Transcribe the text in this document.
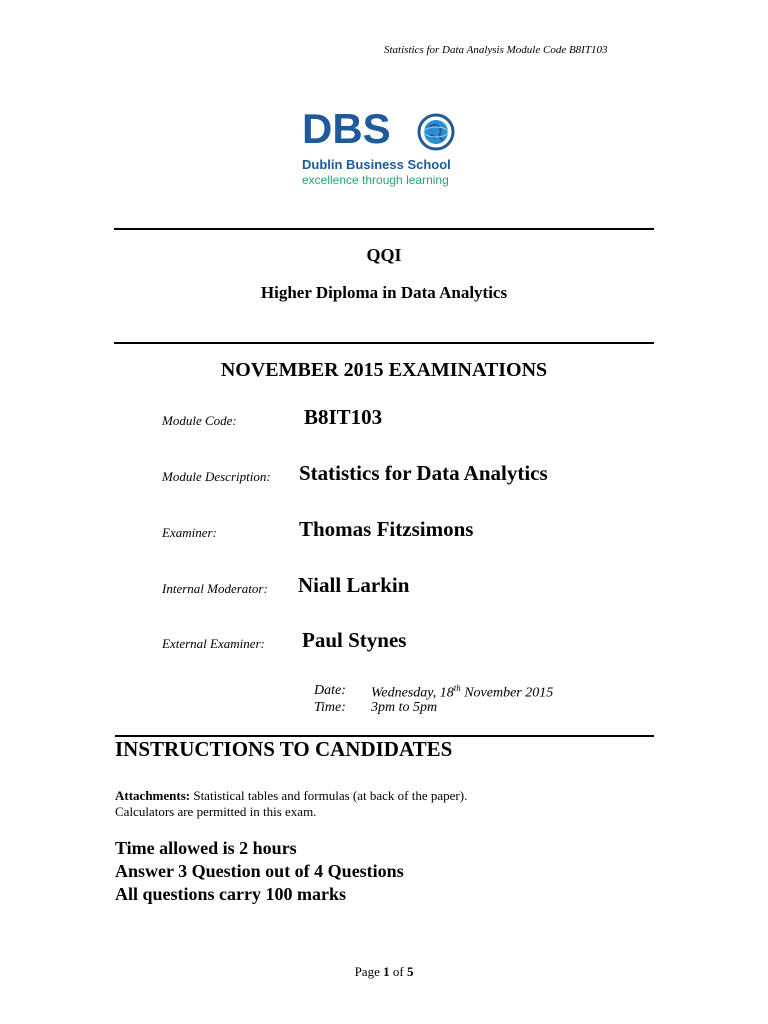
Statistics for Data Analysis Module Code B8IT103
DBS
Dublin Business School
excellence through learning
QQI
Higher Diploma in Data Analytics
NOVEMBER 2015 EXAMINATIONS
Module Code:	B8IT103
Module Description: Statistics for Data Analytics
Examiner:	Thomas Fitzsimons
Internal Moderator: Niall Larkin
External Examiner: Paul Stynes
Date: Wednesday, 18th November 2015
Time: 3pm to 5pm
INSTRUCTIONS TO CANDIDATES
Attachments: Statistical tables and formulas (at back of the paper).
Calculators are permitted in this exam.
Time allowed is 2 hours
Answer 3 Question out of 4 Questions
All questions carry 100 marks
Page 1 of 5
